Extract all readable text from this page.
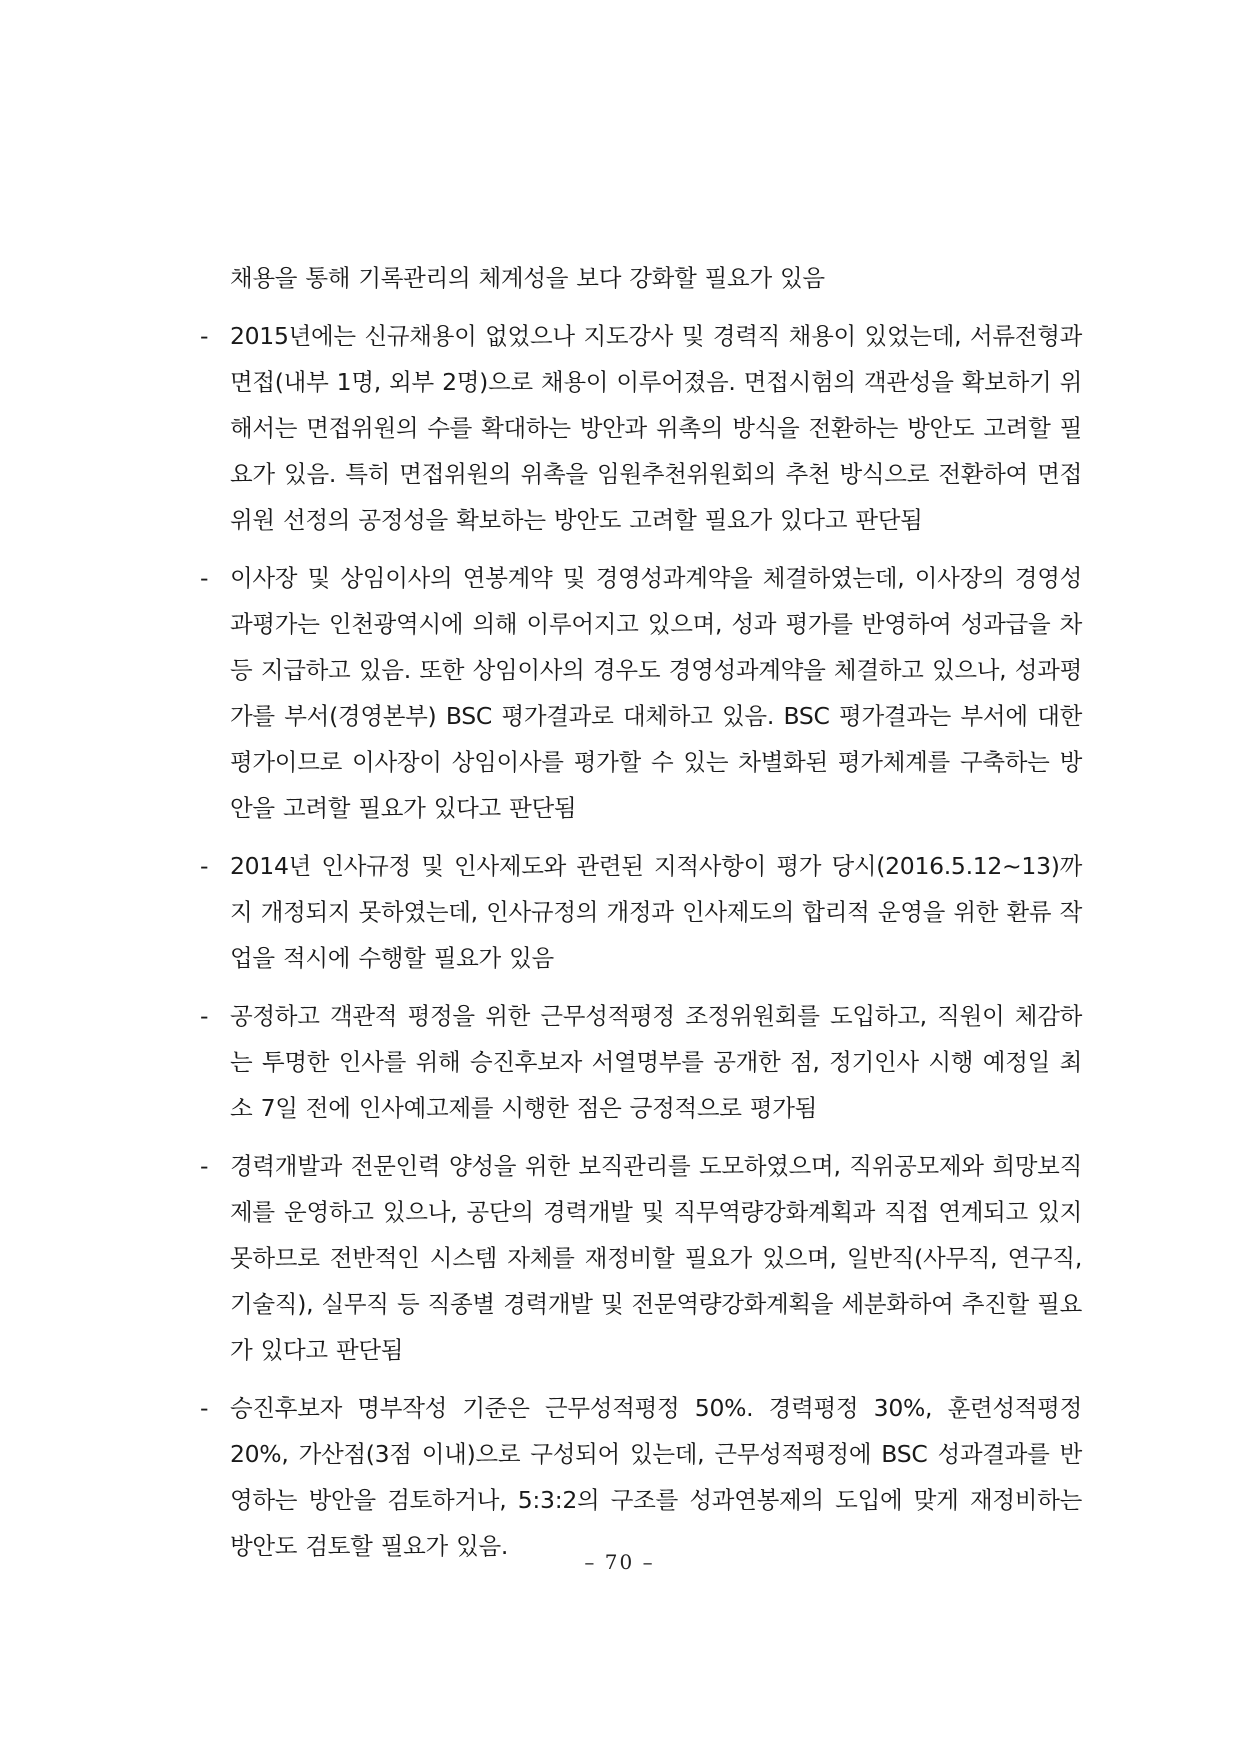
채용을 통해 기록관리의 체계성을 보다 강화할 필요가 있음

- 2015년에는 신규채용이 없었으나 지도강사 및 경력직 채용이 있었는데, 서류전형과 면접(내부 1명, 외부 2명)으로 채용이 이루어졌음. 면접시험의 객관성을 확보하기 위해서는 면접위원의 수를 확대하는 방안과 위촉의 방식을 전환하는 방안도 고려할 필요가 있음. 특히 면접위원의 위촉을 임원추천위원회의 추천 방식으로 전환하여 면접위원 선정의 공정성을 확보하는 방안도 고려할 필요가 있다고 판단됨

- 이사장 및 상임이사의 연봉계약 및 경영성과계약을 체결하였는데, 이사장의 경영성과평가는 인천광역시에 의해 이루어지고 있으며, 성과 평가를 반영하여 성과급을 차등 지급하고 있음. 또한 상임이사의 경우도 경영성과계약을 체결하고 있으나, 성과평가를 부서(경영본부) BSC 평가결과로 대체하고 있음. BSC 평가결과는 부서에 대한 평가이므로 이사장이 상임이사를 평가할 수 있는 차별화된 평가체계를 구축하는 방안을 고려할 필요가 있다고 판단됨

- 2014년 인사규정 및 인사제도와 관련된 지적사항이 평가 당시(2016.5.12~13)까지 개정되지 못하였는데, 인사규정의 개정과 인사제도의 합리적 운영을 위한 환류 작업을 적시에 수행할 필요가 있음

- 공정하고 객관적 평정을 위한 근무성적평정 조정위원회를 도입하고, 직원이 체감하는 투명한 인사를 위해 승진후보자 서열명부를 공개한 점, 정기인사 시행 예정일 최소 7일 전에 인사예고제를 시행한 점은 긍정적으로 평가됨

- 경력개발과 전문인력 양성을 위한 보직관리를 도모하였으며, 직위공모제와 희망보직제를 운영하고 있으나, 공단의 경력개발 및 직무역량강화계획과 직접 연계되고 있지 못하므로 전반적인 시스템 자체를 재정비할 필요가 있으며, 일반직(사무직, 연구직, 기술직), 실무직 등 직종별 경력개발 및 전문역량강화계획을 세분화하여 추진할 필요가 있다고 판단됨

- 승진후보자 명부작성 기준은 근무성적평정 50%. 경력평정 30%, 훈련성적평정 20%, 가산점(3점 이내)으로 구성되어 있는데, 근무성적평정에 BSC 성과결과를 반영하는 방안을 검토하거나, 5:3:2의 구조를 성과연봉제의 도입에 맞게 재정비하는 방안도 검토할 필요가 있음.

– 70 –
